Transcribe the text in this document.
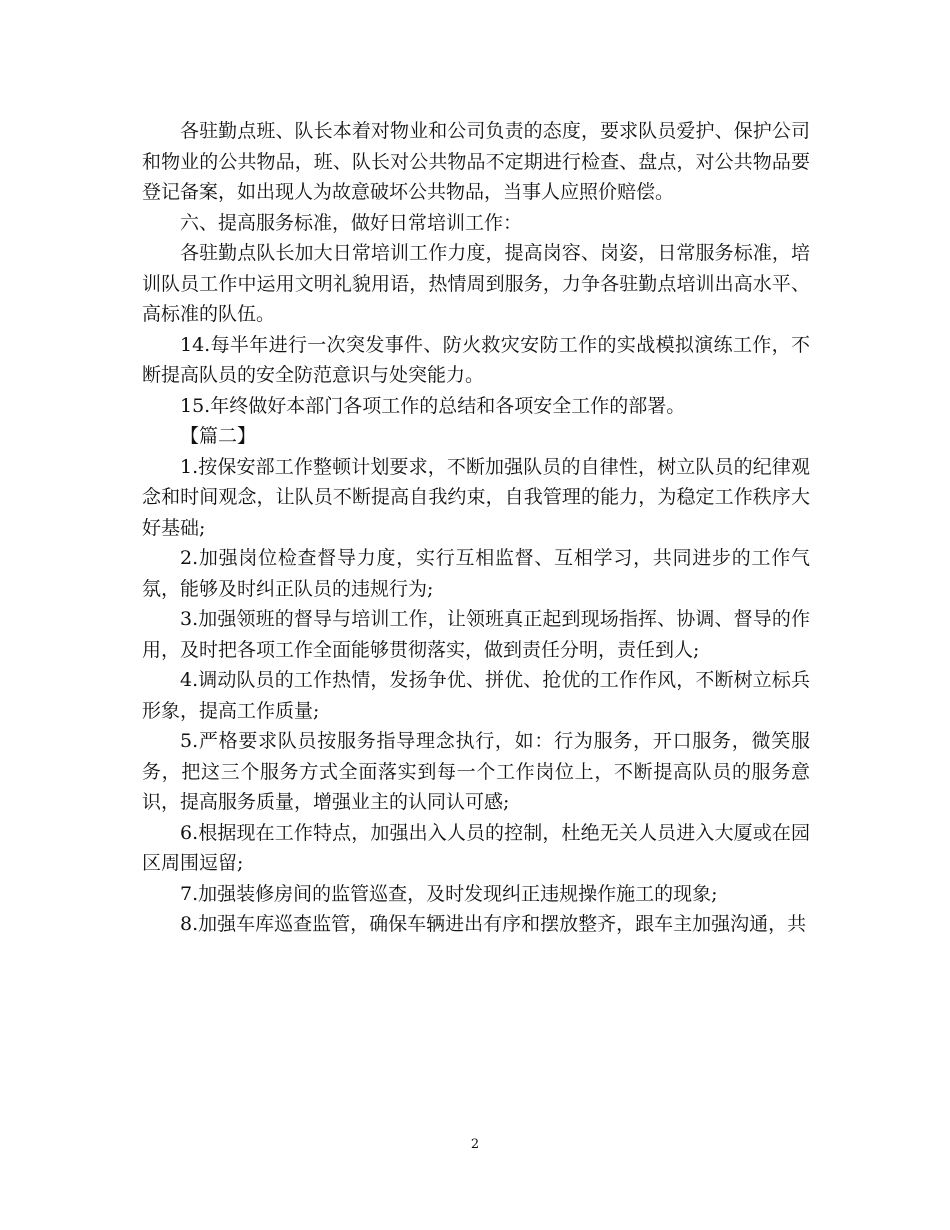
各驻勤点班、队长本着对物业和公司负责的态度，要求队员爱护、保护公司和物业的公共物品，班、队长对公共物品不定期进行检查、盘点，对公共物品要登记备案，如出现人为故意破坏公共物品，当事人应照价赔偿。

六、提高服务标准，做好日常培训工作：

各驻勤点队长加大日常培训工作力度，提高岗容、岗姿，日常服务标准，培训队员工作中运用文明礼貌用语，热情周到服务，力争各驻勤点培训出高水平、高标准的队伍。

14.每半年进行一次突发事件、防火救灾安防工作的实战模拟演练工作，不断提高队员的安全防范意识与处突能力。

15.年终做好本部门各项工作的总结和各项安全工作的部署。

【篇二】

1.按保安部工作整顿计划要求，不断加强队员的自律性，树立队员的纪律观念和时间观念，让队员不断提高自我约束，自我管理的能力，为稳定工作秩序大好基础;

2.加强岗位检查督导力度，实行互相监督、互相学习，共同进步的工作气氛，能够及时纠正队员的违规行为;

3.加强领班的督导与培训工作，让领班真正起到现场指挥、协调、督导的作用，及时把各项工作全面能够贯彻落实，做到责任分明，责任到人;

4.调动队员的工作热情，发扬争优、拼优、抢优的工作作风，不断树立标兵形象，提高工作质量;

5.严格要求队员按服务指导理念执行，如：行为服务，开口服务，微笑服务，把这三个服务方式全面落实到每一个工作岗位上，不断提高队员的服务意识，提高服务质量，增强业主的认同认可感;

6.根据现在工作特点，加强出入人员的控制，杜绝无关人员进入大厦或在园区周围逗留;

7.加强装修房间的监管巡查，及时发现纠正违规操作施工的现象;

8.加强车库巡查监管，确保车辆进出有序和摆放整齐，跟车主加强沟通，共

2
